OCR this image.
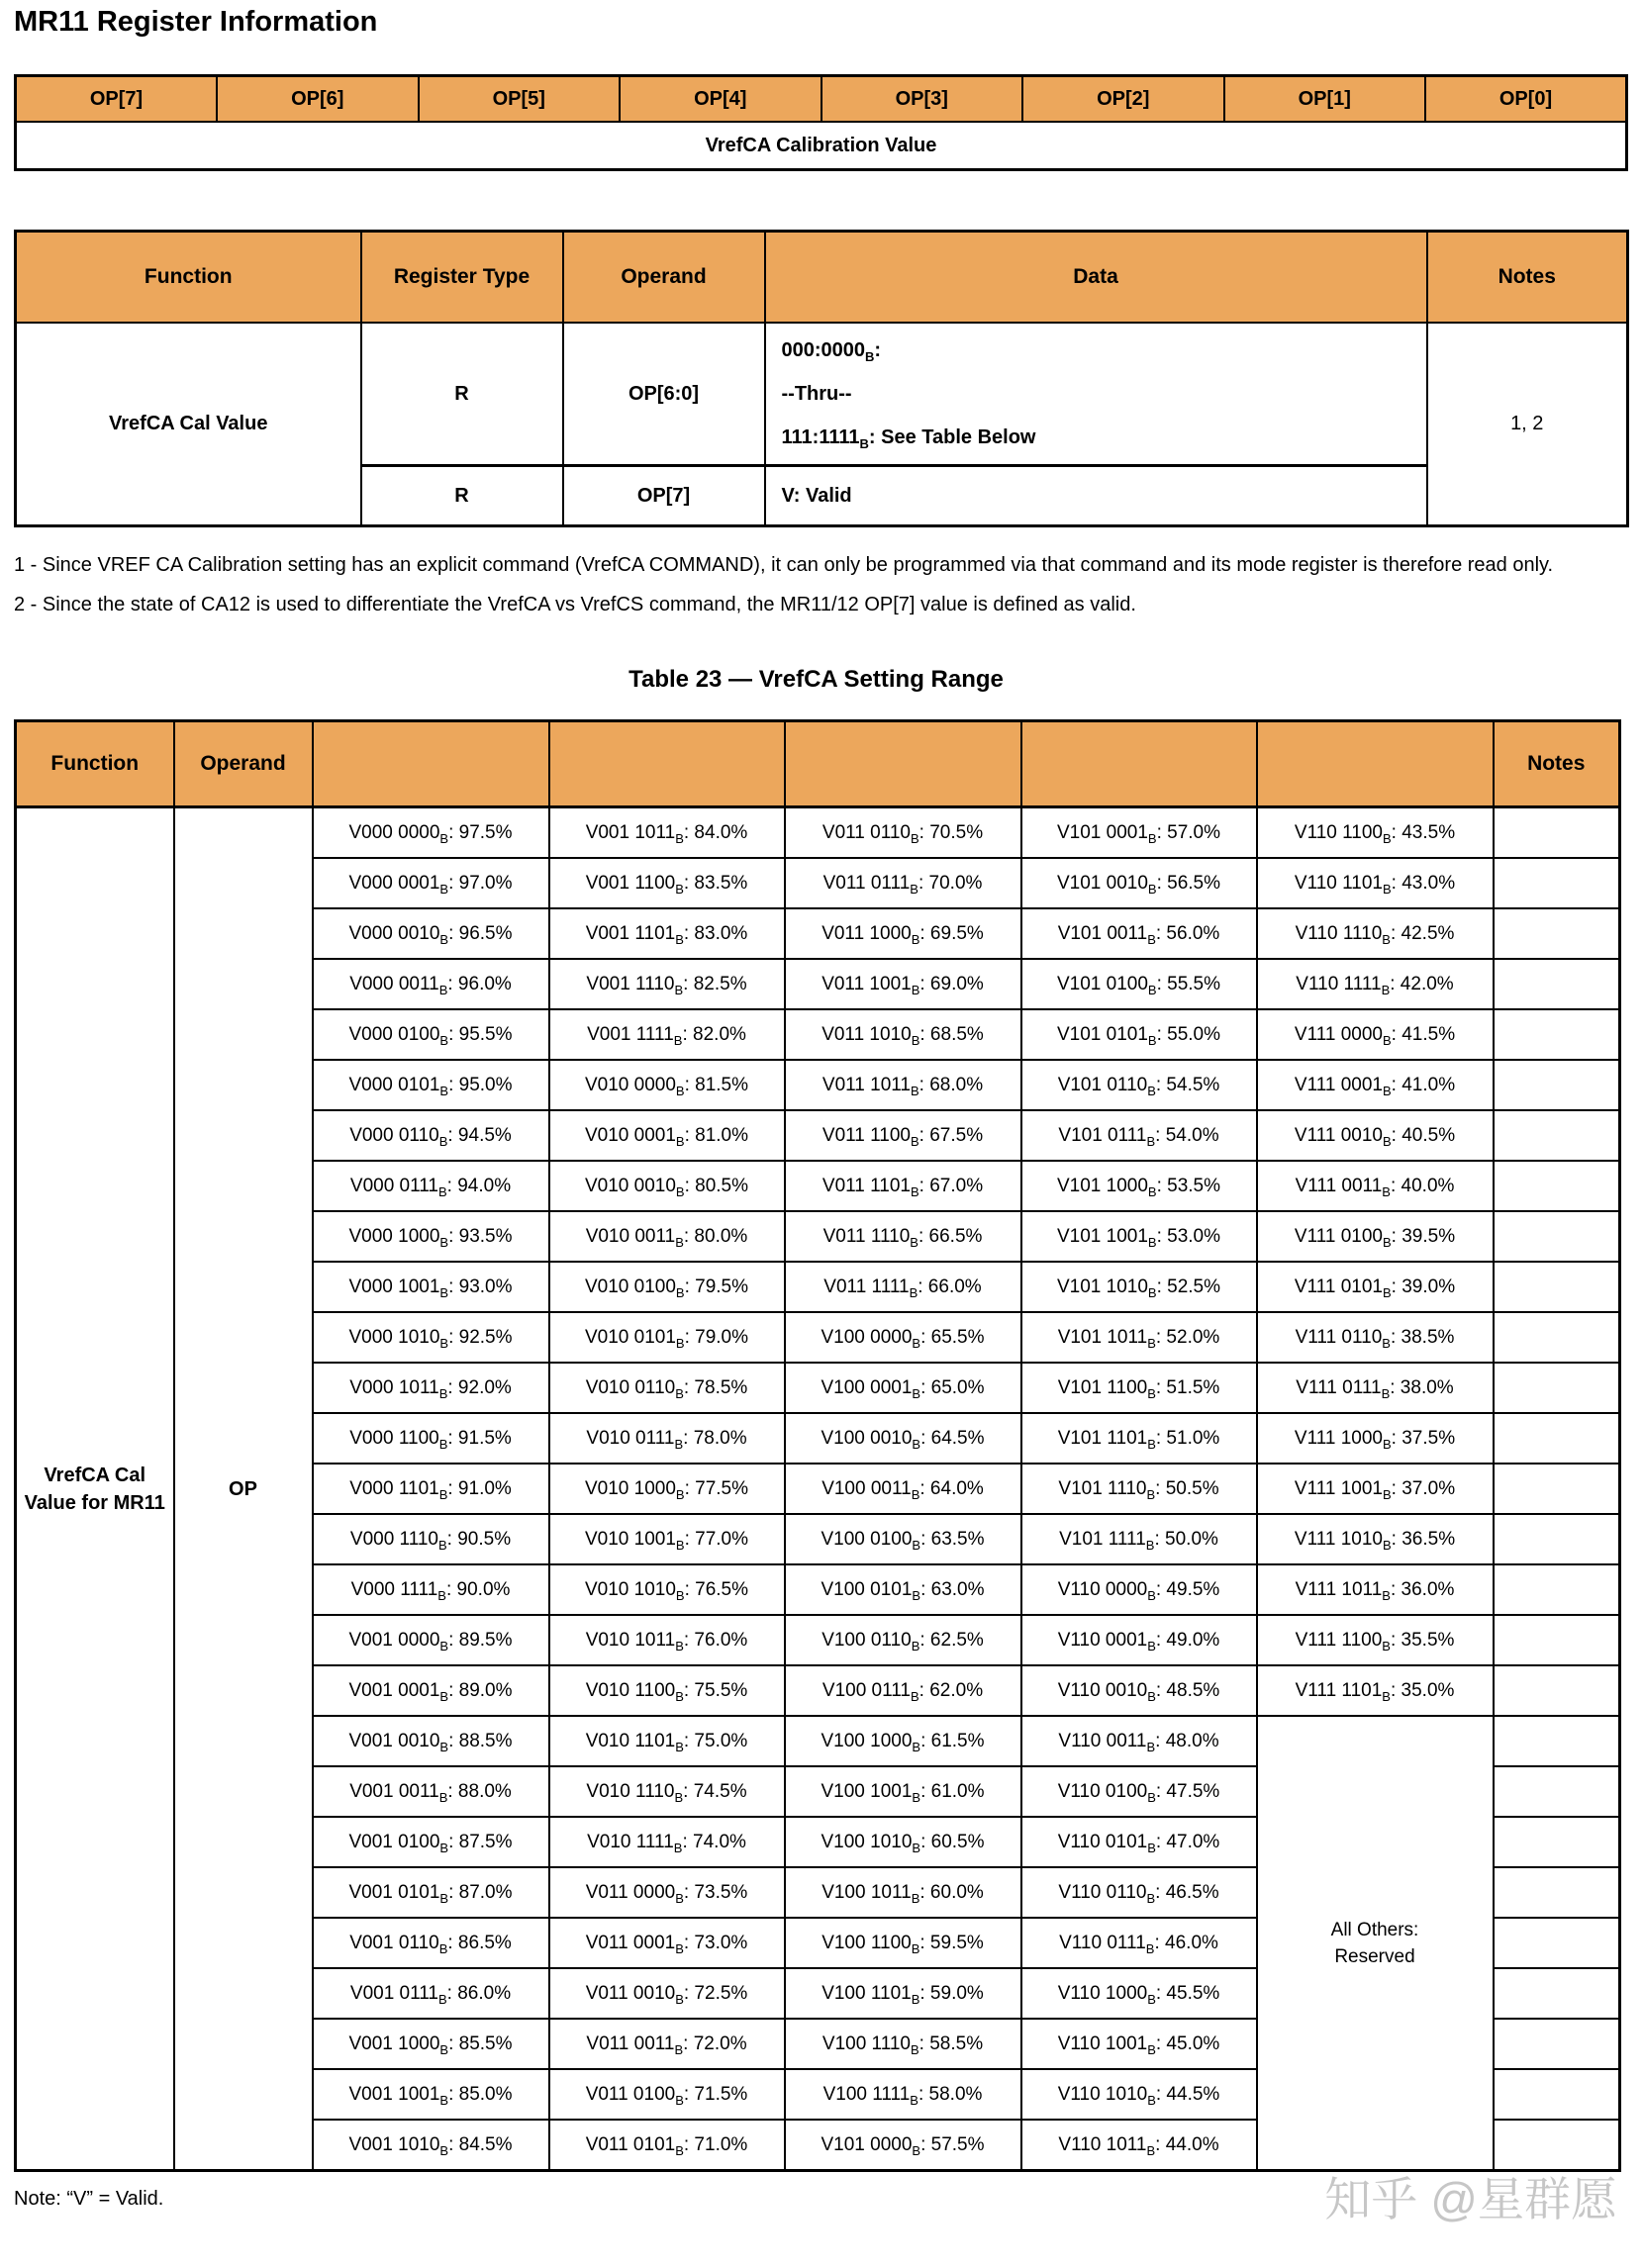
MR11 Register Information
OP[7]	OP[6]	OP[5]	OP[4]	OP[3]	OP[2]	OP[1]	OP[0]
VrefCA Calibration Value
Function	Register Type	Operand	Data	Notes
VrefCA Cal Value	R	OP[6:0]	$000:0000_B$:
--Thru--
$111:1111_B$: See Table Below	1, 2
	R	OP[7]	V: Valid	

1 - Since VREF CA Calibration setting has an explicit command (VrefCA COMMAND), it can only be programmed via that command and its mode register is therefore read only.

2 - Since the state of CA12 is used to differentiate the VrefCA vs VrefCS command, the MR11/12 OP[7] value is defined as valid.

Table 23 — VrefCA Setting Range
Function	Operand						Notes
VrefCA Cal Value for MR11	OP	V000 $0000_B$: 97.5%	V001 $1011_B$: 84.0%	V011 $0110_B$: 70.5%	V101 $0001_B$: 57.0%	V110 $1100_B$: 43.5%	
		V000 $0001_B$: 97.0%	V001 $1100_B$: 83.5%	V011 $0111_B$: 70.0%	V101 $0010_B$: 56.5%	V110 $1101_B$: 43.0%	
		V000 $0010_B$: 96.5%	V001 $1101_B$: 83.0%	V011 $1000_B$: 69.5%	V101 $0011_B$: 56.0%	V110 $1110_B$: 42.5%	
		V000 $0011_B$: 96.0%	V001 $1110_B$: 82.5%	V011 $1001_B$: 69.0%	V101 $0100_B$: 55.5%	V110 $1111_B$: 42.0%	
		V000 $0100_B$: 95.5%	V001 $1111_B$: 82.0%	V011 $1010_B$: 68.5%	V101 $0101_B$: 55.0%	V111 $0000_B$: 41.5%	
		V000 $0101_B$: 95.0%	V010 $0000_B$: 81.5%	V011 $1011_B$: 68.0%	V101 $0110_B$: 54.5%	V111 $0001_B$: 41.0%	
		V000 $0110_B$: 94.5%	V010 $0001_B$: 81.0%	V011 $1100_B$: 67.5%	V101 $0111_B$: 54.0%	V111 $0010_B$: 40.5%	
		V000 $0111_B$: 94.0%	V010 $0010_B$: 80.5%	V011 $1101_B$: 67.0%	V101 $1000_B$: 53.5%	V111 $0011_B$: 40.0%	
		V000 $1000_B$: 93.5%	V010 $0011_B$: 80.0%	V011 $1110_B$: 66.5%	V101 $1001_B$: 53.0%	V111 $0100_B$: 39.5%	
		V000 $1001_B$: 93.0%	V010 $0100_B$: 79.5%	V011 $1111_B$: 66.0%	V101 $1010_B$: 52.5%	V111 $0101_B$: 39.0%	
		V000 $1010_B$: 92.5%	V010 $0101_B$: 79.0%	V100 $0000_B$: 65.5%	V101 $1011_B$: 52.0%	V111 $0110_B$: 38.5%	
		V000 $1011_B$: 92.0%	V010 $0110_B$: 78.5%	V100 $0001_B$: 65.0%	V101 $1100_B$: 51.5%	V111 $0111_B$: 38.0%	
		V000 $1100_B$: 91.5%	V010 $0111_B$: 78.0%	V100 $0010_B$: 64.5%	V101 $1101_B$: 51.0%	V111 $1000_B$: 37.5%	
		V000 $1101_B$: 91.0%	V010 $1000_B$: 77.5%	V100 $0011_B$: 64.0%	V101 $1110_B$: 50.5%	V111 $1001_B$: 37.0%	
		V000 $1110_B$: 90.5%	V010 $1001_B$: 77.0%	V100 $0100_B$: 63.5%	V101 $1111_B$: 50.0%	V111 $1010_B$: 36.5%	
		V000 $1111_B$: 90.0%	V010 $1010_B$: 76.5%	V100 $0101_B$: 63.0%	V110 $0000_B$: 49.5%	V111 $1011_B$: 36.0%	
		V001 $0000_B$: 89.5%	V010 $1011_B$: 76.0%	V100 $0110_B$: 62.5%	V110 $0001_B$: 49.0%	V111 $1100_B$: 35.5%	
		V001 $0001_B$: 89.0%	V010 $1100_B$: 75.5%	V100 $0111_B$: 62.0%	V110 $0010_B$: 48.5%	V111 $1101_B$: 35.0%	
		V001 $0010_B$: 88.5%	V010 $1101_B$: 75.0%	V100 $1000_B$: 61.5%	V110 $0011_B$: 48.0%	All Others:
Reserved	
		V001 $0011_B$: 88.0%	V010 $1110_B$: 74.5%	V100 $1001_B$: 61.0%	V110 $0100_B$: 47.5%		
		V001 $0100_B$: 87.5%	V010 $1111_B$: 74.0%	V100 $1010_B$: 60.5%	V110 $0101_B$: 47.0%		
		V001 $0101_B$: 87.0%	V011 $0000_B$: 73.5%	V100 $1011_B$: 60.0%	V110 $0110_B$: 46.5%		
		V001 $0110_B$: 86.5%	V011 $0001_B$: 73.0%	V100 $1100_B$: 59.5%	V110 $0111_B$: 46.0%		
		V001 $0111_B$: 86.0%	V011 $0010_B$: 72.5%	V100 $1101_B$: 59.0%	V110 $1000_B$: 45.5%		
		V001 $1000_B$: 85.5%	V011 $0011_B$: 72.0%	V100 $1110_B$: 58.5%	V110 $1001_B$: 45.0%		
		V001 $1001_B$: 85.0%	V011 $0100_B$: 71.5%	V100 $1111_B$: 58.0%	V110 $1010_B$: 44.5%		
		V001 $1010_B$: 84.5%	V011 $0101_B$: 71.0%	V101 $0000_B$: 57.5%	V110 $1011_B$: 44.0%		
Note: “V” = Valid.	知乎 @星群愿
